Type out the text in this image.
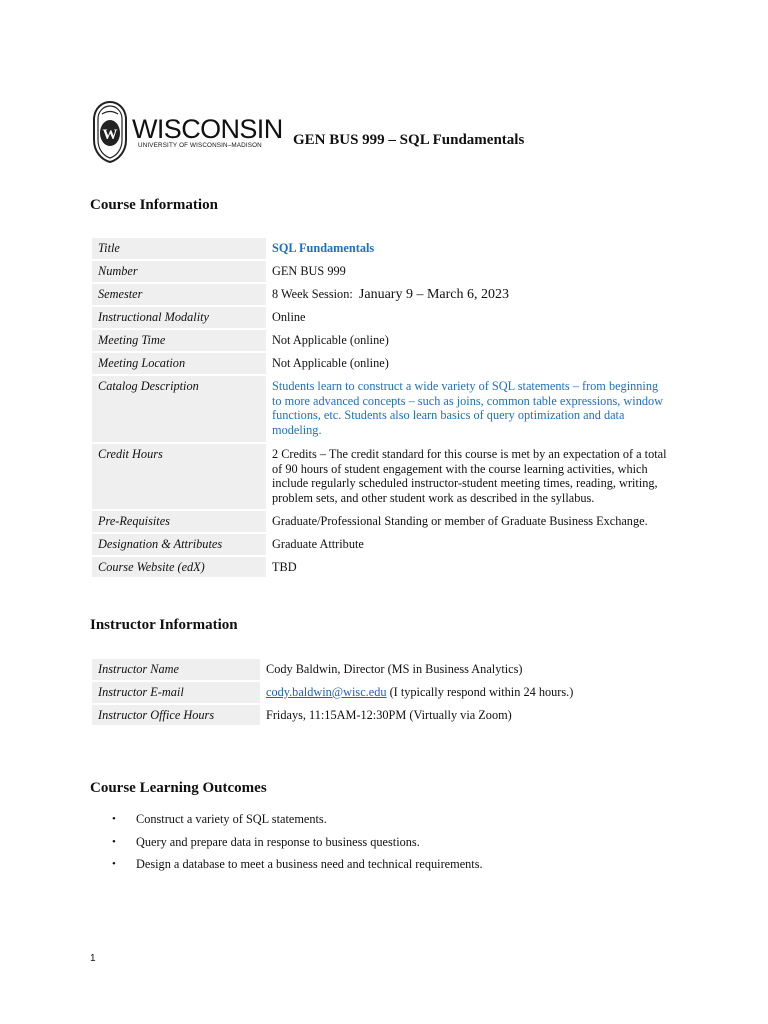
W WISCONSIN
UNIVERSITY OF WISCONSIN–MADISON	GEN BUS 999 – SQL Fundamentals
Course Information
Title	SQL Fundamentals
Number	GEN BUS 999
Semester	8 Week Session: January 9 – March 6, 2023
Instructional Modality	Online
Meeting Time	Not Applicable (online)
Meeting Location	Not Applicable (online)
Catalog Description	Students learn to construct a wide variety of SQL statements – from beginning to more advanced concepts – such as joins, common table expressions, window functions, etc. Students also learn basics of query optimization and data modeling.
Credit Hours	2 Credits – The credit standard for this course is met by an expectation of a total of 90 hours of student engagement with the course learning activities, which include regularly scheduled instructor-student meeting times, reading, writing, problem sets, and other student work as described in the syllabus.
Pre-Requisites	Graduate/Professional Standing or member of Graduate Business Exchange.
Designation & Attributes	Graduate Attribute
Course Website (edX)	TBD
Instructor Information
Instructor Name	Cody Baldwin, Director (MS in Business Analytics)
Instructor E-mail	cody.baldwin@wisc.edu (I typically respond within 24 hours.)
Instructor Office Hours	Fridays, 11:15AM-12:30PM (Virtually via Zoom)
Course Learning Outcomes
• Construct a variety of SQL statements.
• Query and prepare data in response to business questions.
• Design a database to meet a business need and technical requirements.
1
